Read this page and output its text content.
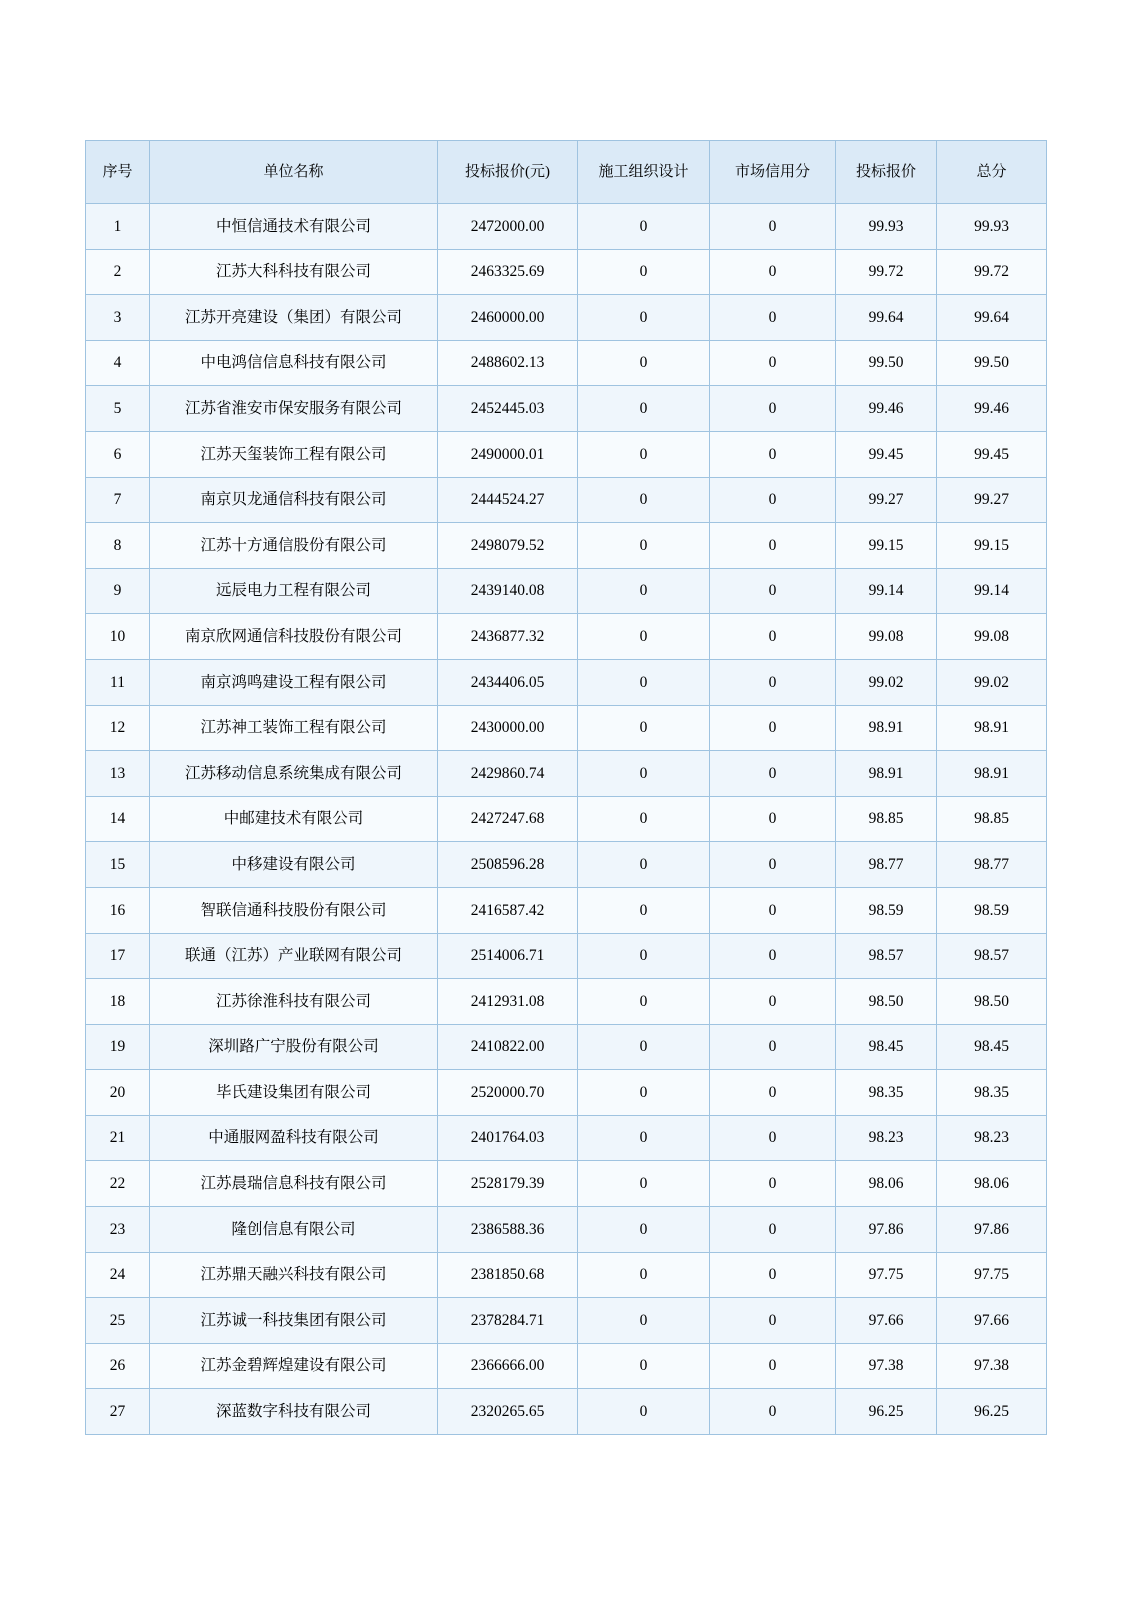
序号	单位名称	投标报价(元)	施工组织设计	市场信用分	投标报价	总分
1	中恒信通技术有限公司	2472000.00	0	0	99.93	99.93
2	江苏大科科技有限公司	2463325.69	0	0	99.72	99.72
3	江苏开亮建设（集团）有限公司	2460000.00	0	0	99.64	99.64
4	中电鸿信信息科技有限公司	2488602.13	0	0	99.50	99.50
5	江苏省淮安市保安服务有限公司	2452445.03	0	0	99.46	99.46
6	江苏天玺装饰工程有限公司	2490000.01	0	0	99.45	99.45
7	南京贝龙通信科技有限公司	2444524.27	0	0	99.27	99.27
8	江苏十方通信股份有限公司	2498079.52	0	0	99.15	99.15
9	远辰电力工程有限公司	2439140.08	0	0	99.14	99.14
10	南京欣网通信科技股份有限公司	2436877.32	0	0	99.08	99.08
11	南京鸿鸣建设工程有限公司	2434406.05	0	0	99.02	99.02
12	江苏神工装饰工程有限公司	2430000.00	0	0	98.91	98.91
13	江苏移动信息系统集成有限公司	2429860.74	0	0	98.91	98.91
14	中邮建技术有限公司	2427247.68	0	0	98.85	98.85
15	中移建设有限公司	2508596.28	0	0	98.77	98.77
16	智联信通科技股份有限公司	2416587.42	0	0	98.59	98.59
17	联通（江苏）产业联网有限公司	2514006.71	0	0	98.57	98.57
18	江苏徐淮科技有限公司	2412931.08	0	0	98.50	98.50
19	深圳路广宁股份有限公司	2410822.00	0	0	98.45	98.45
20	毕氏建设集团有限公司	2520000.70	0	0	98.35	98.35
21	中通服网盈科技有限公司	2401764.03	0	0	98.23	98.23
22	江苏晨瑞信息科技有限公司	2528179.39	0	0	98.06	98.06
23	隆创信息有限公司	2386588.36	0	0	97.86	97.86
24	江苏鼎天融兴科技有限公司	2381850.68	0	0	97.75	97.75
25	江苏诚一科技集团有限公司	2378284.71	0	0	97.66	97.66
26	江苏金碧辉煌建设有限公司	2366666.00	0	0	97.38	97.38
27	深蓝数字科技有限公司	2320265.65	0	0	96.25	96.25
